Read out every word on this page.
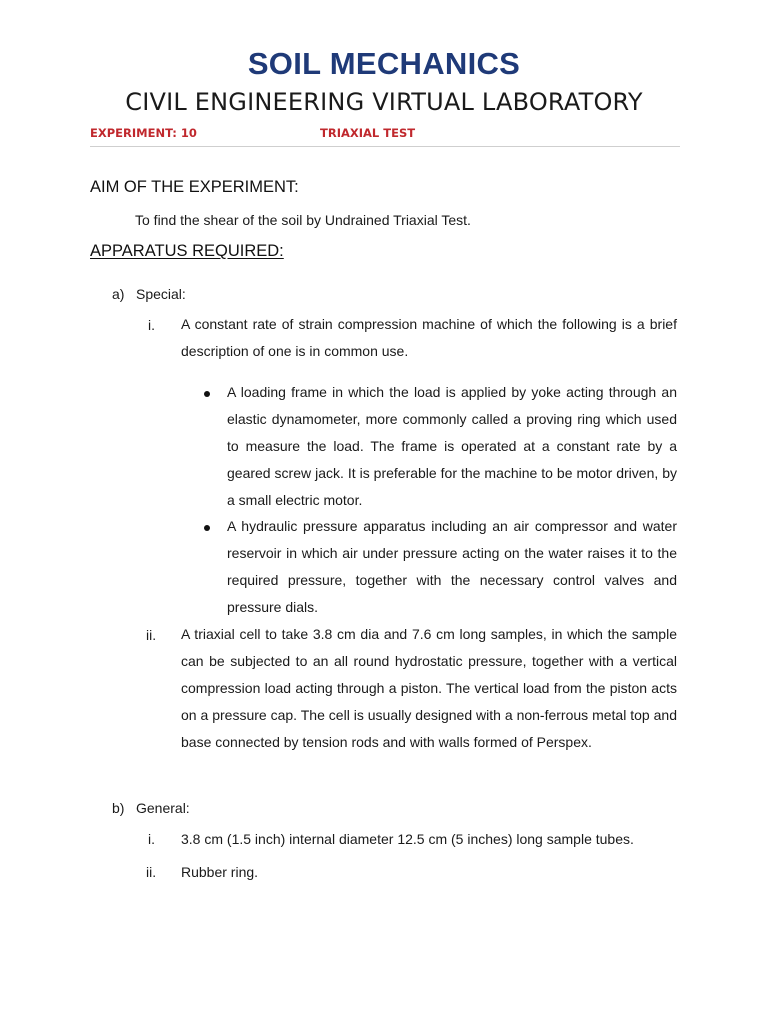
SOIL MECHANICS
CIVIL ENGINEERING VIRTUAL LABORATORY
EXPERIMENT: 10	TRIAXIAL TEST
AIM OF THE EXPERIMENT:
To find the shear of the soil by Undrained Triaxial Test.
APPARATUS REQUIRED:
a) Special:
i. A constant rate of strain compression machine of which the following is a brief description of one is in common use.
A loading frame in which the load is applied by yoke acting through an elastic dynamometer, more commonly called a proving ring which used to measure the load. The frame is operated at a constant rate by a geared screw jack. It is preferable for the machine to be motor driven, by a small electric motor.
A hydraulic pressure apparatus including an air compressor and water reservoir in which air under pressure acting on the water raises it to the required pressure, together with the necessary control valves and pressure dials.
ii. A triaxial cell to take 3.8 cm dia and 7.6 cm long samples, in which the sample can be subjected to an all round hydrostatic pressure, together with a vertical compression load acting through a piston. The vertical load from the piston acts on a pressure cap. The cell is usually designed with a non-ferrous metal top and base connected by tension rods and with walls formed of Perspex.
b) General:
i. 3.8 cm (1.5 inch) internal diameter 12.5 cm (5 inches) long sample tubes.
ii. Rubber ring.
